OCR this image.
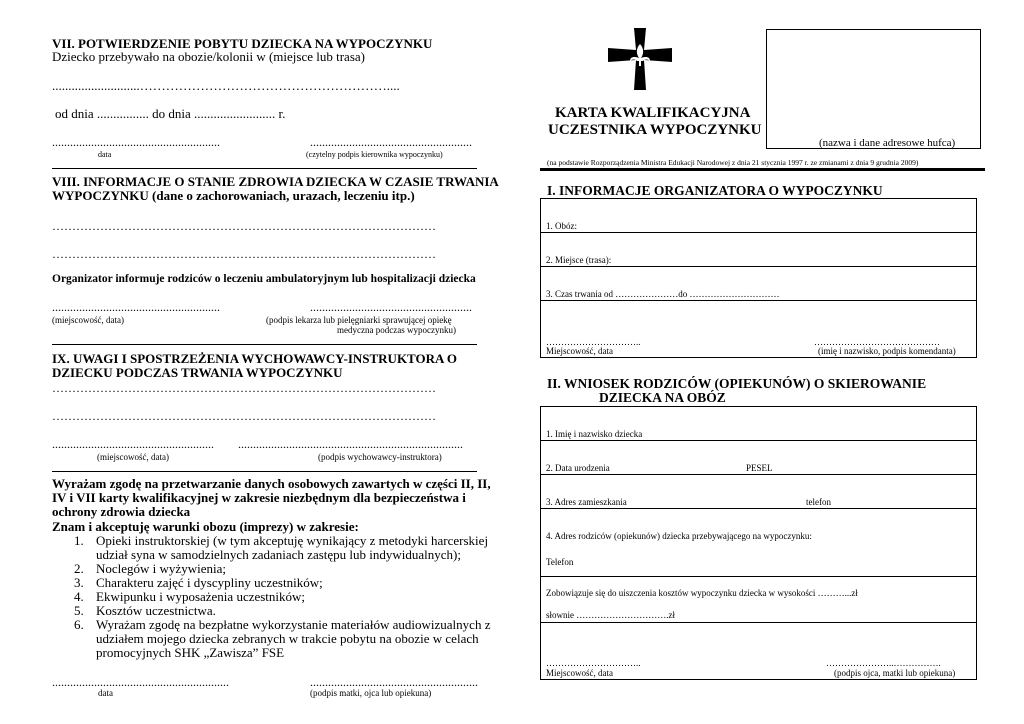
VII. POTWIERDZENIE POBYTU DZIECKA NA WYPOCZYNKU
Dziecko przebywało na obozie/kolonii w (miejsce lub trasa)
...........................…………………………………………………....
od dnia ................ do dnia ......................... r.
........................................................	......................................................
data	(czytelny podpis kierownika wypoczynku)
VIII. INFORMACJE O STANIE ZDROWIA DZIECKA W CZASIE TRWANIA
WYPOCZYNKU (dane o zachorowaniach, urazach, leczeniu itp.)
……………………………………………………………………………………
……………………………………………………………………………………
Organizator informuje rodziców o leczeniu ambulatoryjnym lub hospitalizacji dziecka
........................................................	......................................................
(miejscowość, data)	(podpis lekarza lub pielęgniarki sprawującej opiekę
medyczna podczas wypoczynku)
IX. UWAGI I SPOSTRZEŻENIA WYCHOWAWCY-INSTRUKTORA O
DZIECKU PODCZAS TRWANIA WYPOCZYNKU
……………………………………………………………………………………
……………………………………………………………………………………
...................................................... ...........................................................................
(miejscowość, data)	(podpis wychowawcy-instruktora)
Wyrażam zgodę na przetwarzanie danych osobowych zawartych w części II, II,
IV i VII karty kwalifikacyjnej w zakresie niezbędnym dla bezpieczeństwa i
ochrony zdrowia dziecka
Znam i akceptuję warunki obozu (imprezy) w zakresie:
1. Opieki instruktorskiej (w tym akceptuję wynikający z metodyki harcerskiej
udział syna w samodzielnych zadaniach zastępu lub indywidualnych);
2. Noclegów i wyżywienia;
3. Charakteru zajęć i dyscypliny uczestników;
4. Ekwipunku i wyposażenia uczestników;
5. Kosztów uczestnictwa.
6. Wyrażam zgodę na bezpłatne wykorzystanie materiałów audiowizualnych z
udziałem mojego dziecka zebranych w trakcie pobytu na obozie w celach
promocyjnych SHK „Zawisza” FSE
...........................................................	........................................................
data	(podpis matki, ojca lub opiekuna)
KARTA KWALIFIKACYJNA
UCZESTNIKA WYPOCZYNKU
(nazwa i dane adresowe hufca)
(na podstawie Rozporządzenia Ministra Edukacji Narodowej z dnia 21 stycznia 1997 r. ze zmianami z dnia 9 grudnia 2009)
I. INFORMACJE ORGANIZATORA O WYPOCZYNKU
1. Obóz:
2. Miejsce (trasa):
3. Czas trwania od …………………do …………………………
…………………………..	……………………………………
Miejscowość, data	(imię i nazwisko, podpis komendanta)
II. WNIOSEK RODZICÓW (OPIEKUNÓW) O SKIEROWANIE
DZIECKA NA OBÓZ
1. Imię i nazwisko dziecka
2. Data urodzenia	PESEL
3. Adres zamieszkania	telefon
4. Adres rodziców (opiekunów) dziecka przebywającego na wypoczynku:
Telefon
Zobowiązuje się do uiszczenia kosztów wypoczynku dziecka w wysokości ………...zł
słownie ………………………….zł
…………………………..	…………………..…………….
Miejscowość, data	(podpis ojca, matki lub opiekuna)
